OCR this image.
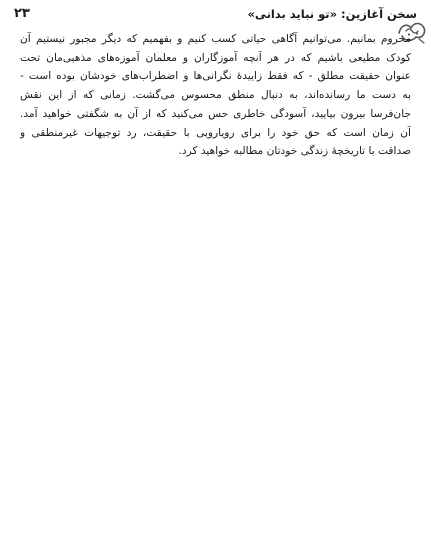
سخن آغازین: «تو نباید بدانی»
۲۳

محروم بمانیم. می‌توانیم آگاهی حیاتی کسب کنیم و بفهمیم که دیگر مجبور نیستیم آن
کودک مطیعی باشیم که در هر آنچه آموزگاران و معلمان آموزه‌های مذهبی‌مان تحت
عنوان حقیقت مطلق - که فقط زاییدهٔ نگرانی‌ها و اضطراب‌های خودشان بوده است -
به دست ما رسانده‌اند، به دنبال منطق محسوس می‌گشت. زمانی که از این نقش
جان‌فرسا بیرون بیایید، آسودگی خاطری حس می‌کنید که از آن به شگفتی خواهید آمد.
آن زمان است که حق خود را برای رویارویی با حقیقت، رد توجیهات غیرمنطقی و
صداقت با تاریخچهٔ زندگی خودتان مطالبه خواهید کرد.
